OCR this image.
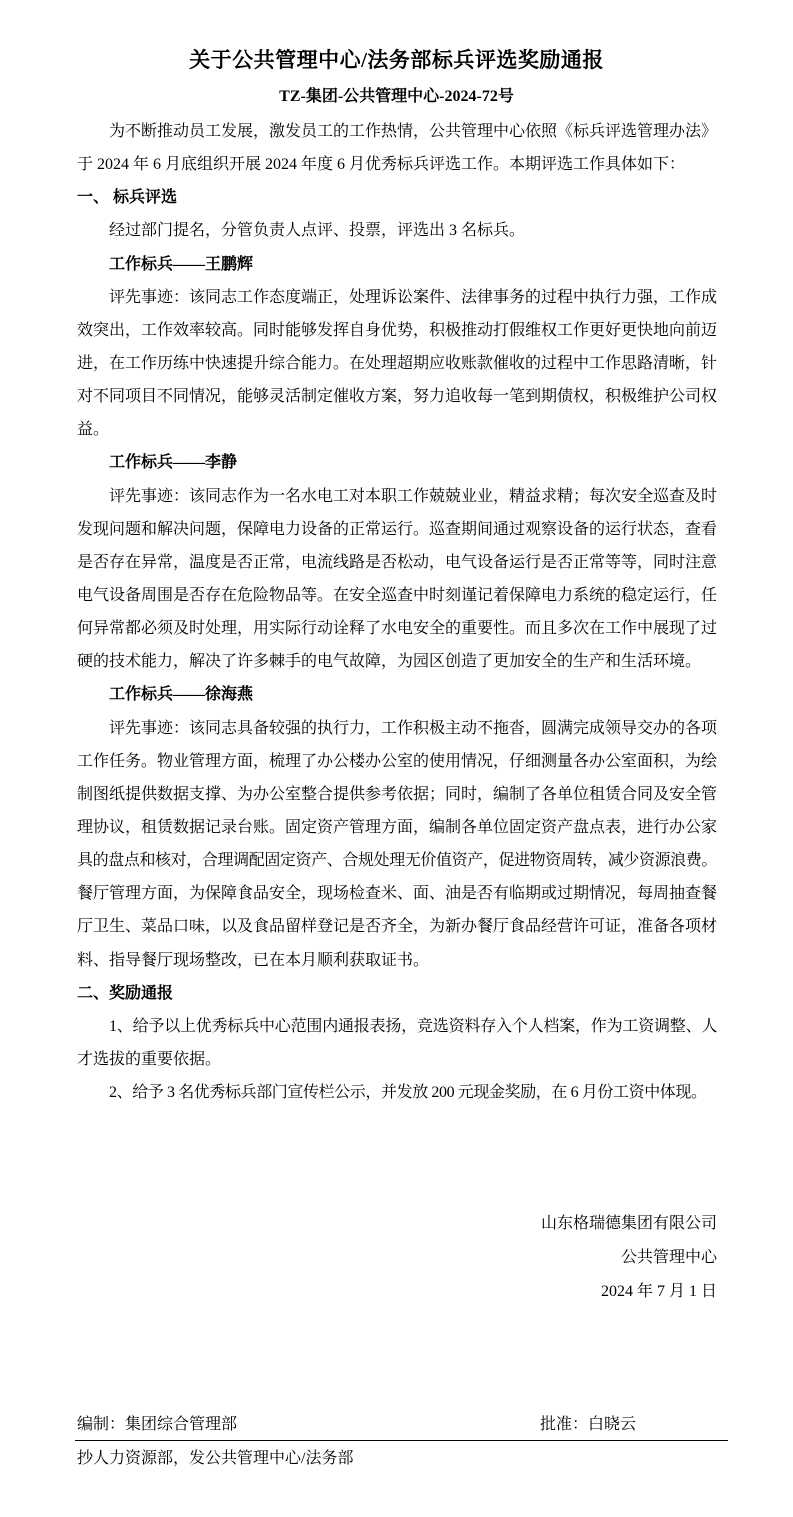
关于公共管理中心/法务部标兵评选奖励通报
TZ-集团-公共管理中心-2024-72号
为不断推动员工发展，激发员工的工作热情，公共管理中心依照《标兵评选管理办法》
于 2024 年 6 月底组织开展 2024 年度 6 月优秀标兵评选工作。本期评选工作具体如下：
一、 标兵评选
经过部门提名，分管负责人点评、投票，评选出 3 名标兵。
工作标兵——王鹏辉
评先事迹：该同志工作态度端正，处理诉讼案件、法律事务的过程中执行力强，工作成
效突出，工作效率较高。同时能够发挥自身优势，积极推动打假维权工作更好更快地向前迈
进，在工作历练中快速提升综合能力。在处理超期应收账款催收的过程中工作思路清晰，针
对不同项目不同情况，能够灵活制定催收方案，努力追收每一笔到期债权，积极维护公司权
益。
工作标兵——李静
评先事迹：该同志作为一名水电工对本职工作兢兢业业，精益求精；每次安全巡查及时
发现问题和解决问题，保障电力设备的正常运行。巡查期间通过观察设备的运行状态，查看
是否存在异常，温度是否正常，电流线路是否松动，电气设备运行是否正常等等，同时注意
电气设备周围是否存在危险物品等。在安全巡查中时刻谨记着保障电力系统的稳定运行，任
何异常都必须及时处理，用实际行动诠释了水电安全的重要性。而且多次在工作中展现了过
硬的技术能力，解决了许多棘手的电气故障，为园区创造了更加安全的生产和生活环境。
工作标兵——徐海燕
评先事迹：该同志具备较强的执行力，工作积极主动不拖沓，圆满完成领导交办的各项
工作任务。物业管理方面，梳理了办公楼办公室的使用情况，仔细测量各办公室面积，为绘
制图纸提供数据支撑、为办公室整合提供参考依据；同时，编制了各单位租赁合同及安全管
理协议，租赁数据记录台账。固定资产管理方面，编制各单位固定资产盘点表，进行办公家
具的盘点和核对，合理调配固定资产、合规处理无价值资产，促进物资周转，减少资源浪费。
餐厅管理方面，为保障食品安全，现场检查米、面、油是否有临期或过期情况，每周抽查餐
厅卫生、菜品口味，以及食品留样登记是否齐全，为新办餐厅食品经营许可证，准备各项材
料、指导餐厅现场整改，已在本月顺利获取证书。
二、奖励通报
1、给予以上优秀标兵中心范围内通报表扬，竞选资料存入个人档案，作为工资调整、人
才选拔的重要依据。
2、给予 3 名优秀标兵部门宣传栏公示，并发放 200 元现金奖励，在 6 月份工资中体现。
山东格瑞德集团有限公司
公共管理中心
2024 年 7 月 1 日
编制：集团综合管理部	批准：白晓云
抄人力资源部，发公共管理中心/法务部
